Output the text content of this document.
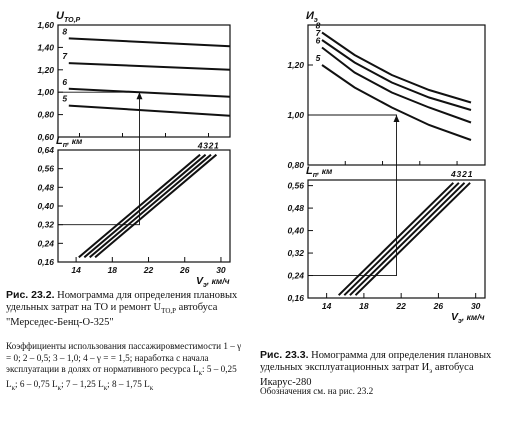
0,60
0,80
1,00
1,20
1,40
1,60
$U_{ТО,Р}$
8
7
6
5
0,16
0,24
0,32
0,40
0,48
0,56
0,64
14	18	22	26	30
$L_п^{, км}$
$V_э^{, км/ч}$
4 3 2 1
0,80
1,00
1,20
$И_э$
8
7
6
5
0,16
0,24
0,32
0,40
0,48
0,56
14	18	22	26	30
$L_п^{, км}$
$V_э^{, км/ч}$
4 3 2 1
Рис. 23.2. Номограмма для определения плановых удельных затрат на ТО и ремонт $U_{ТО,Р}$ автобуса "Мерседес-Бенц-О-325"
Коэффициенты использования пассажировместимости 1 – γ = 0; 2 – 0,5; 3 – 1,0; 4 – γ = = 1,5; наработка с начала эксплуатации в долях от нормативного ресурса $L_к$: 5 – 0,25 $L_к$; 6 – 0,75 $L_к$; 7 – 1,25 $L_к$; 8 – 1,75 $L_к$
Рис. 23.3. Номограмма для определения плановых удельных эксплуатационных затрат $И_э$ автобуса Икарус-280
Обозначения см. на рис. 23.2
